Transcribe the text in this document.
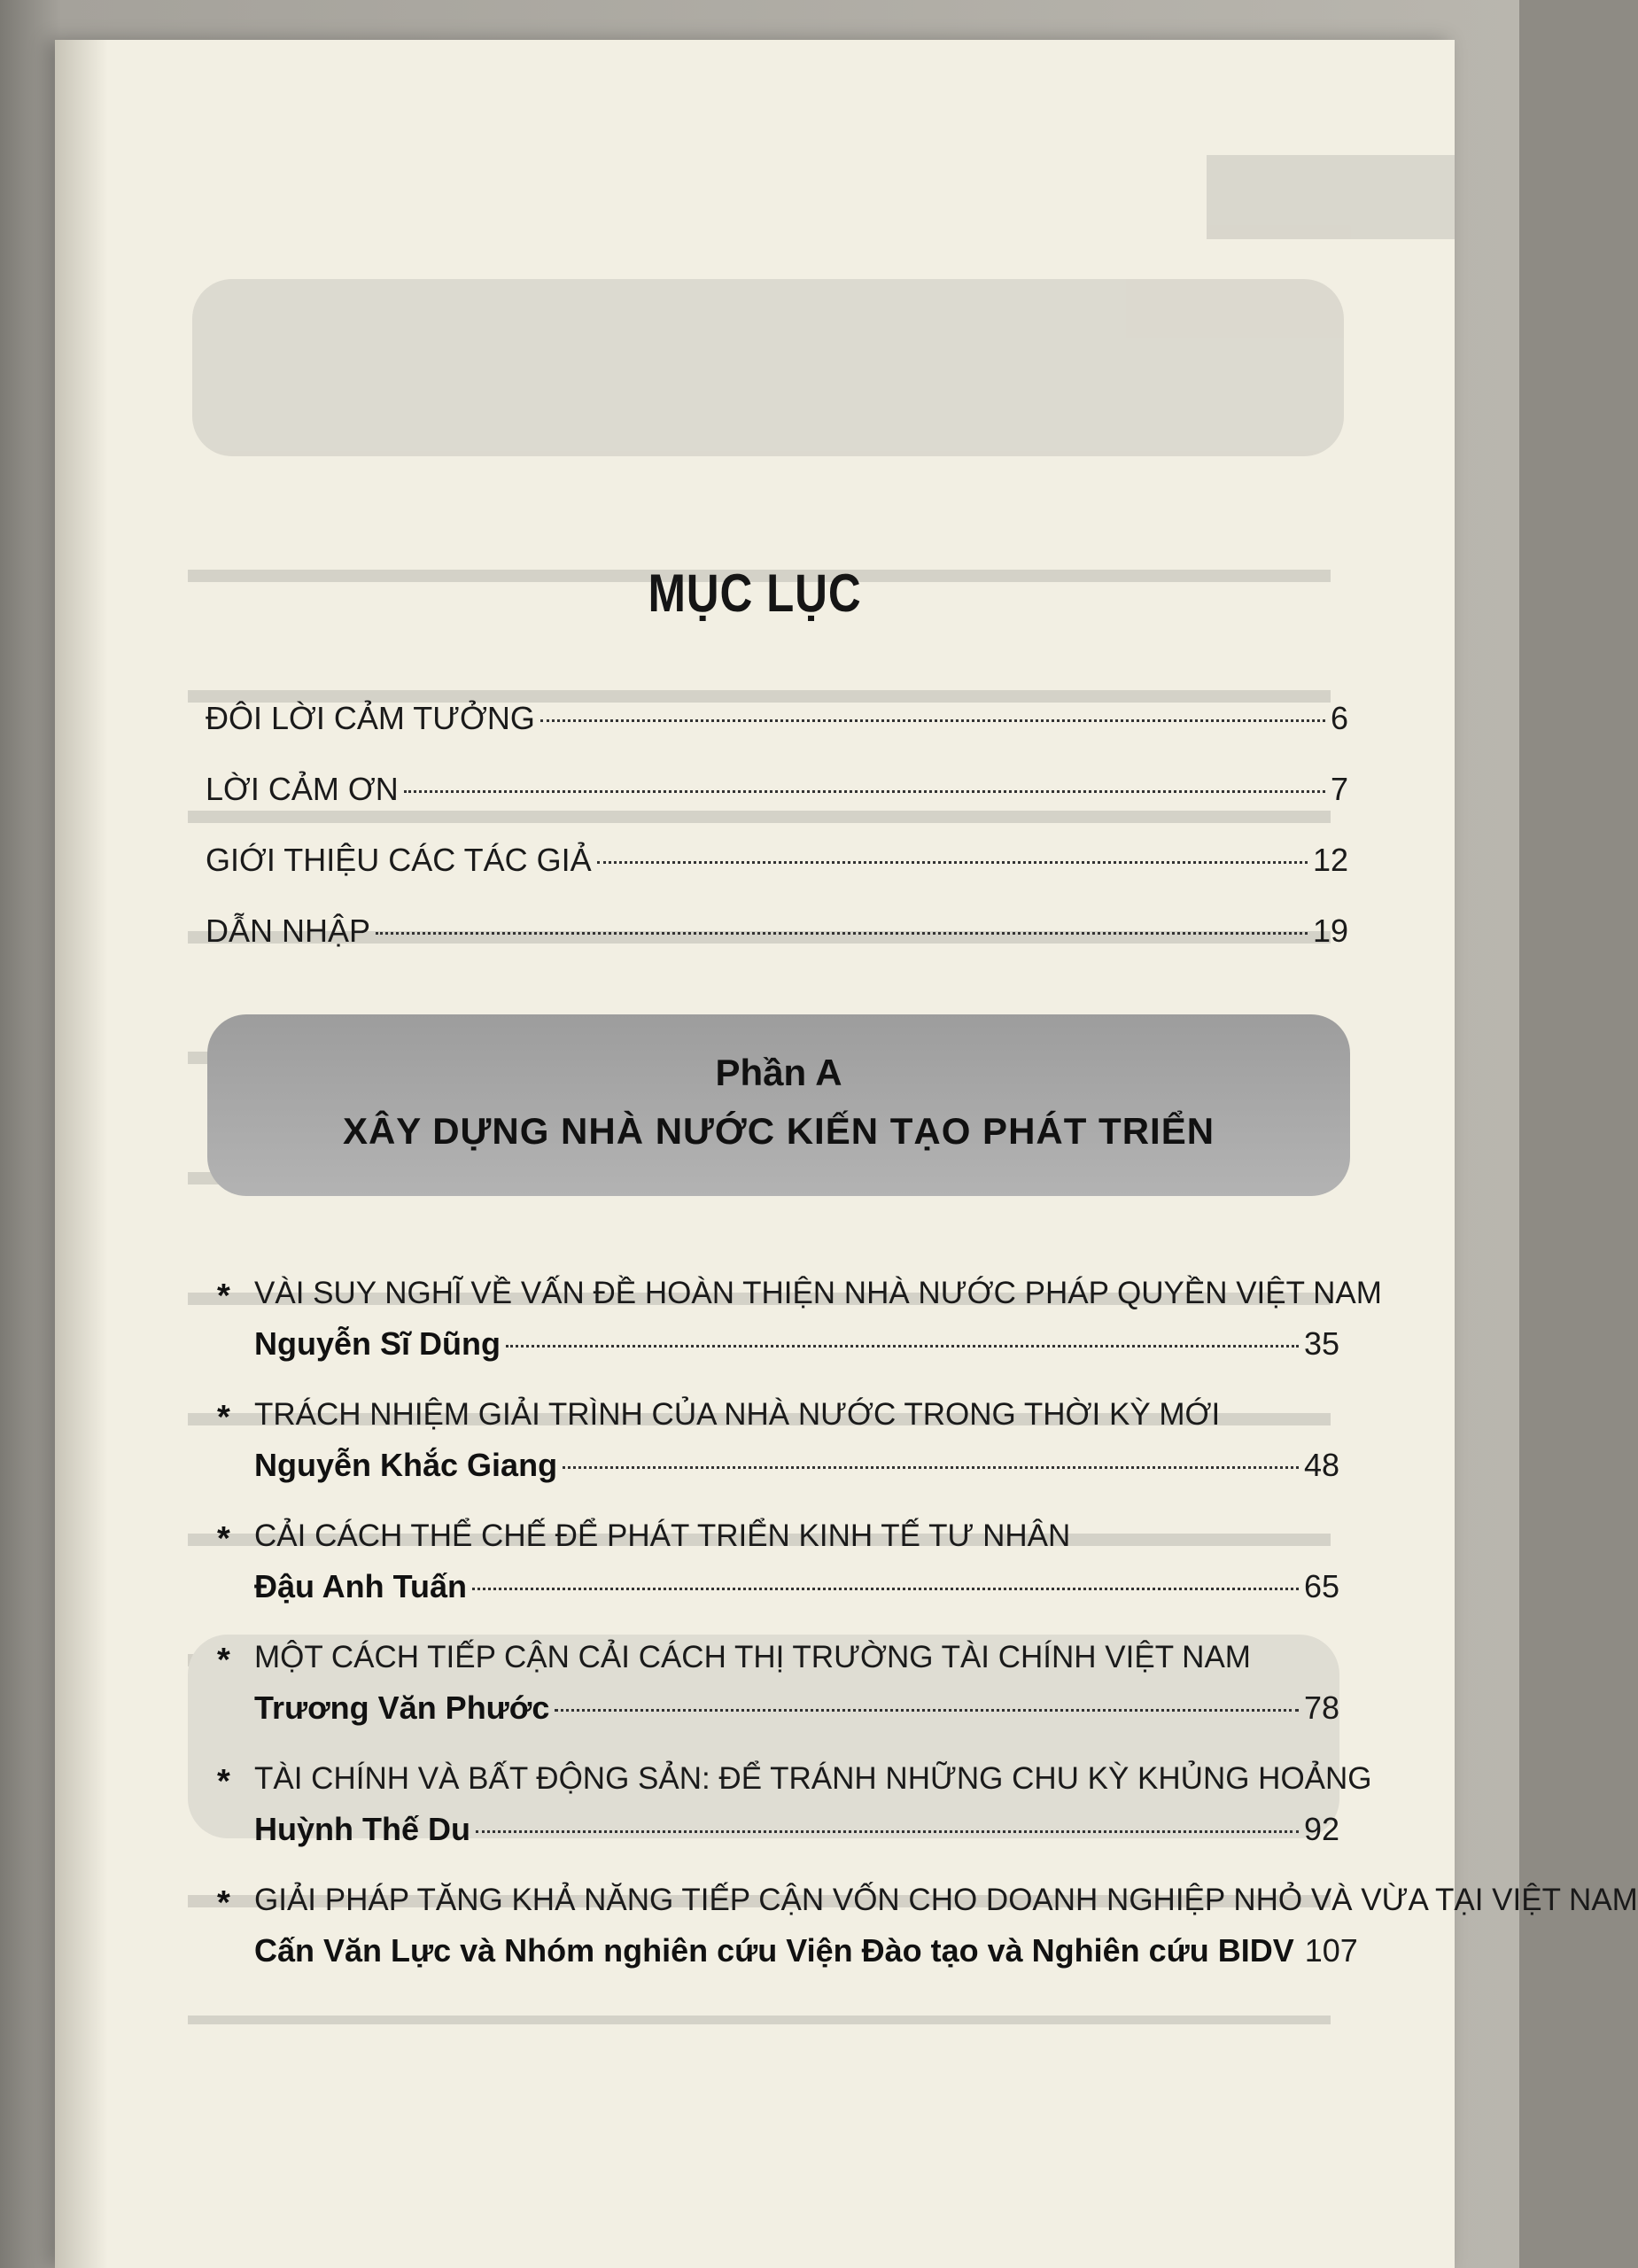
MỤC LỤC
ĐÔI LỜI CẢM TƯỞNG	6
LỜI CẢM ƠN	7
GIỚI THIỆU CÁC TÁC GIẢ	12
DẪN NHẬP	19
Phần A
XÂY DỰNG NHÀ NƯỚC KIẾN TẠO PHÁT TRIỂN
* VÀI SUY NGHĨ VỀ VẤN ĐỀ HOÀN THIỆN NHÀ NƯỚC PHÁP QUYỀN VIỆT NAM
Nguyễn Sĩ Dũng	35
* TRÁCH NHIỆM GIẢI TRÌNH CỦA NHÀ NƯỚC TRONG THỜI KỲ MỚI
Nguyễn Khắc Giang	48
* CẢI CÁCH THỂ CHẾ ĐỂ PHÁT TRIỂN KINH TẾ TƯ NHÂN
Đậu Anh Tuấn	65
* MỘT CÁCH TIẾP CẬN CẢI CÁCH THỊ TRƯỜNG TÀI CHÍNH VIỆT NAM
Trương Văn Phước	78
* TÀI CHÍNH VÀ BẤT ĐỘNG SẢN: ĐỂ TRÁNH NHỮNG CHU KỲ KHỦNG HOẢNG
Huỳnh Thế Du	92
* GIẢI PHÁP TĂNG KHẢ NĂNG TIẾP CẬN VỐN CHO DOANH NGHIỆP NHỎ VÀ VỪA TẠI VIỆT NAM
Cấn Văn Lực và Nhóm nghiên cứu Viện Đào tạo và Nghiên cứu BIDV 107
